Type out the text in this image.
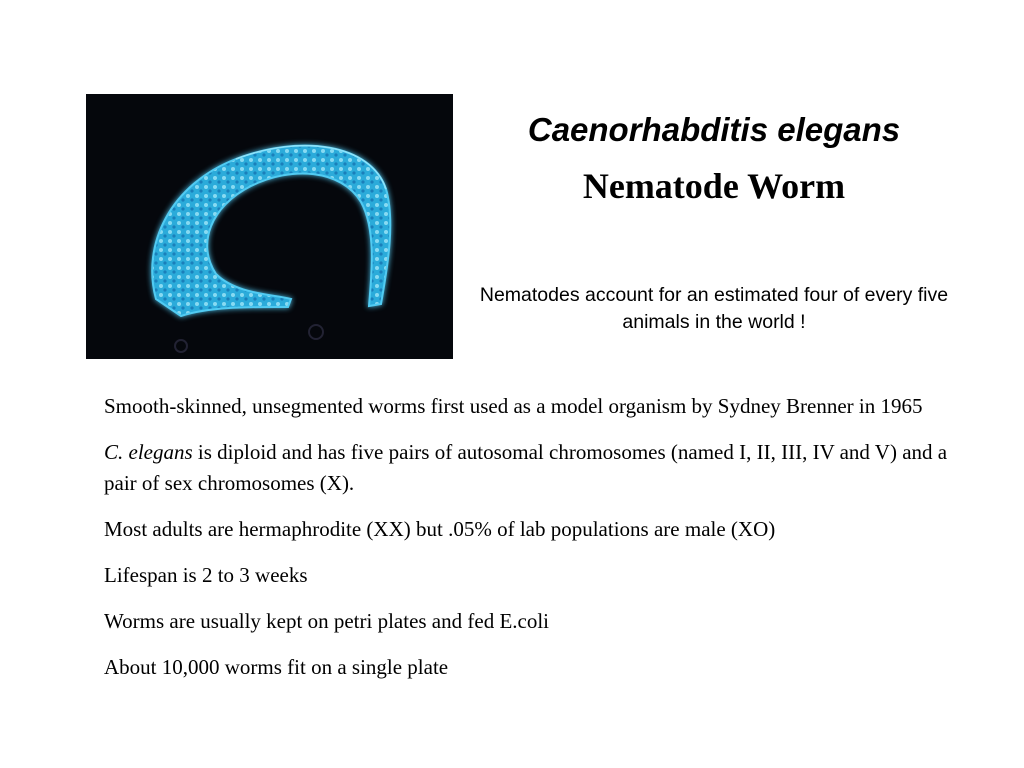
Caenorhabditis elegans
Nematode Worm

Nematodes account for an estimated four of every five animals in the world !

Smooth-skinned, unsegmented worms first used as a model organism by Sydney Brenner in 1965

C. elegans is diploid and has five pairs of autosomal chromosomes (named I, II, III, IV and V) and a pair of sex chromosomes (X).

Most adults are hermaphrodite (XX) but .05% of lab populations are male (XO)

Lifespan is 2 to 3 weeks

Worms are usually kept on petri plates and fed E.coli

About 10,000 worms fit on a single plate
